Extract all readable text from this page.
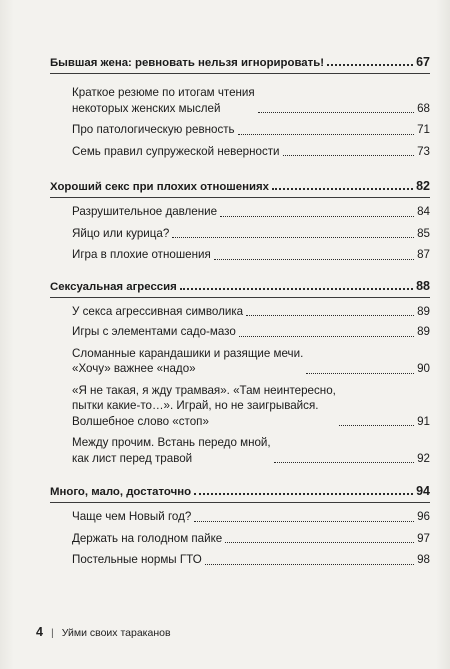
Бывшая жена: ревновать нельзя игнорировать!	67
Краткое резюме по итогам чтения
некоторых женских мыслей	68
Про патологическую ревность	71
Семь правил супружеской неверности	73
Хороший секс при плохих отношениях	82
Разрушительное давление	84
Яйцо или курица?	85
Игра в плохие отношения	87
Сексуальная агрессия	88
У секса агрессивная символика	89
Игры с элементами садо-мазо	89
Сломанные карандашики и разящие мечи.
«Хочу» важнее «надо»	90
«Я не такая, я жду трамвая». «Там неинтересно,
пытки какие-то…». Играй, но не заигрывайся.
Волшебное слово «стоп»	91
Между прочим. Встань передо мной,
как лист перед травой	92
Много, мало, достаточно	94
Чаще чем Новый год?	96
Держать на голодном пайке	97
Постельные нормы ГТО	98
4 | Уйми своих тараканов
